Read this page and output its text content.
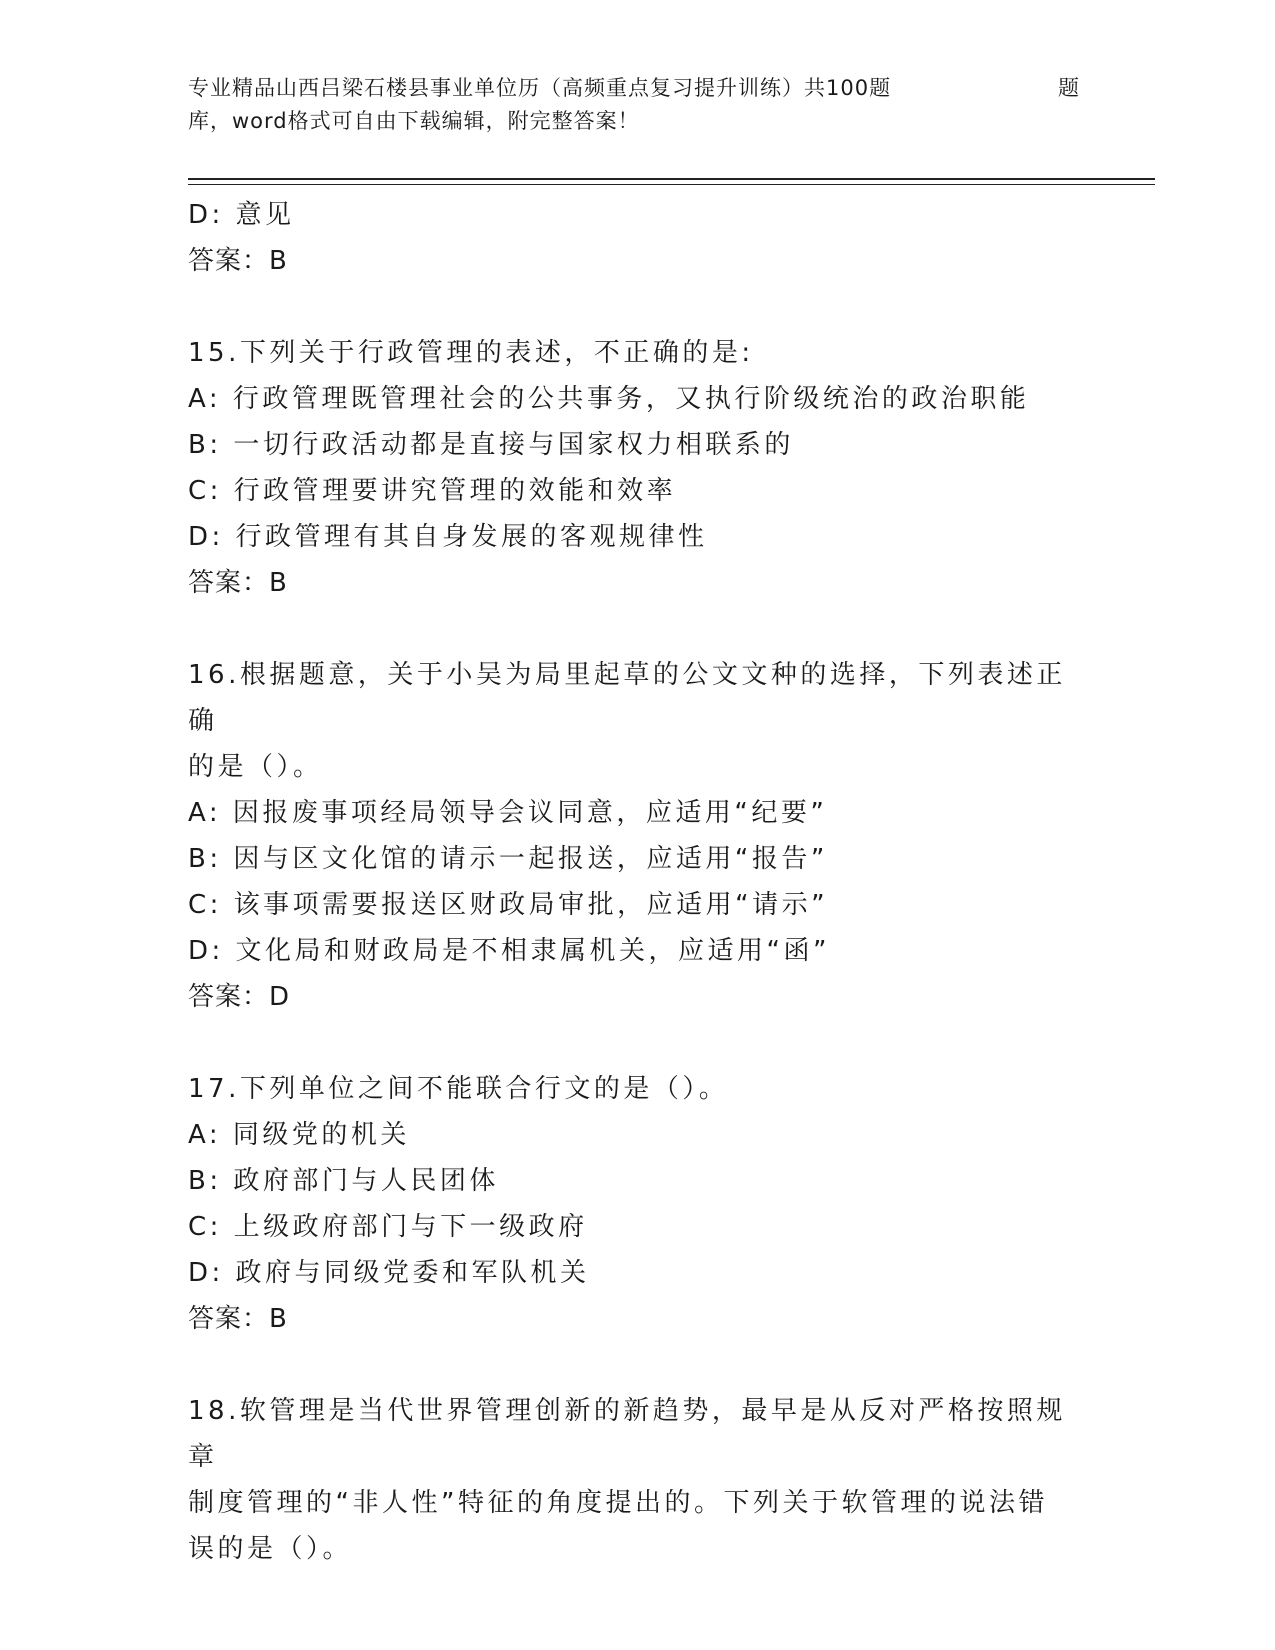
专业精品山西吕梁石楼县事业单位历（高频重点复习提升训练）共100题	题
库，word格式可自由下载编辑，附完整答案！

D: 意见

答案：B

15.下列关于行政管理的表述，不正确的是:

A: 行政管理既管理社会的公共事务，又执行阶级统治的政治职能

B: 一切行政活动都是直接与国家权力相联系的

C: 行政管理要讲究管理的效能和效率

D: 行政管理有其自身发展的客观规律性

答案：B

16.根据题意，关于小吴为局里起草的公文文种的选择，下列表述正确

的是（）。

A: 因报废事项经局领导会议同意，应适用“纪要”

B: 因与区文化馆的请示一起报送，应适用“报告”

C: 该事项需要报送区财政局审批，应适用“请示”

D: 文化局和财政局是不相隶属机关，应适用“函”

答案：D

17.下列单位之间不能联合行文的是（）。

A: 同级党的机关

B: 政府部门与人民团体

C: 上级政府部门与下一级政府

D: 政府与同级党委和军队机关

答案：B

18.软管理是当代世界管理创新的新趋势，最早是从反对严格按照规章

制度管理的“非人性”特征的角度提出的。下列关于软管理的说法错

误的是（）。
